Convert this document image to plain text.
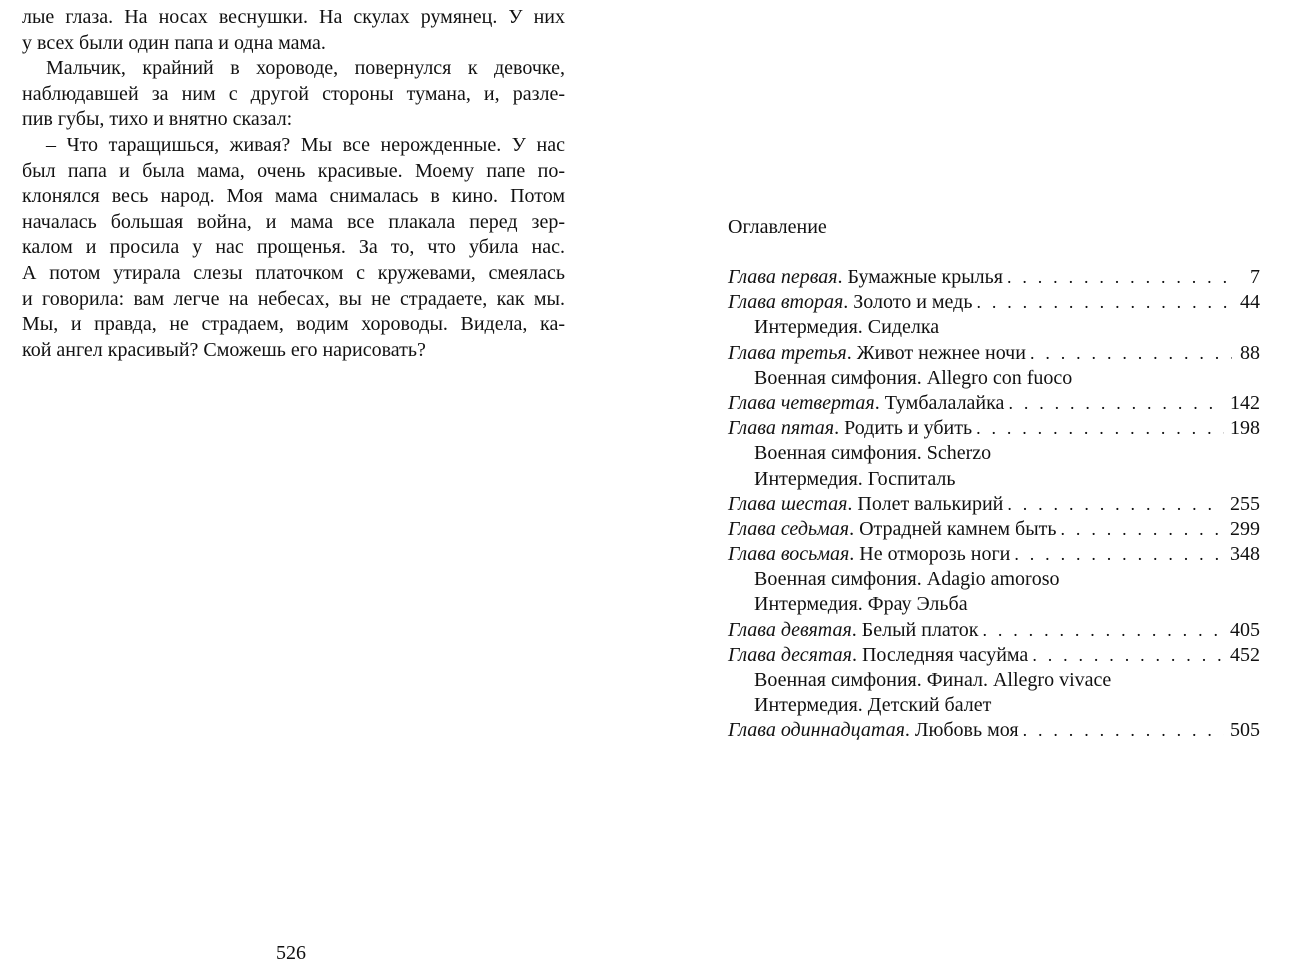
лые глаза. На носах веснушки. На скулах румянец. У них
у всех были один папа и одна мама.
Мальчик, крайний в хороводе, повернулся к девочке,
наблюдавшей за ним с другой стороны тумана, и, разле-
пив губы, тихо и внятно сказал:
– Что таращишься, живая? Мы все нерожденные. У нас
был папа и была мама, очень красивые. Моему папе по-
клонялся весь народ. Моя мама снималась в кино. Потом
началась большая война, и мама все плакала перед зер-
калом и просила у нас прощенья. За то, что убила нас.
А потом утирала слезы платочком с кружевами, смеялась
и говорила: вам легче на небесах, вы не страдаете, как мы.
Мы, и правда, не страдаем, водим хороводы. Видела, ка-
кой ангел красивый? Сможешь его нарисовать?
526
Оглавление
Глава первая . Бумажные крылья . . .	7
Глава вторая . Золото и медь . . .	44
Интермедия. Сиделка
Глава третья . Живот нежнее ночи . . .	88
Военная симфония. Allegro con fuoco
Глава четвертая . Тумбалалайка . . .	142
Глава пятая . Родить и убить . . .	198
Военная симфония. Scherzo
Интермедия. Госпиталь
Глава шестая . Полет валькирий . . .	255
Глава седьмая . Отрадней камнем быть . . .	299
Глава восьмая . Не отморозь ноги . . .	348
Военная симфония. Adagio amoroso
Интермедия. Фрау Эльба
Глава девятая . Белый платок . . .	405
Глава десятая . Последняя часуйма . . .	452
Военная симфония. Финал. Allegro vivace
Интермедия. Детский балет
Глава одиннадцатая . Любовь моя . . .	505
